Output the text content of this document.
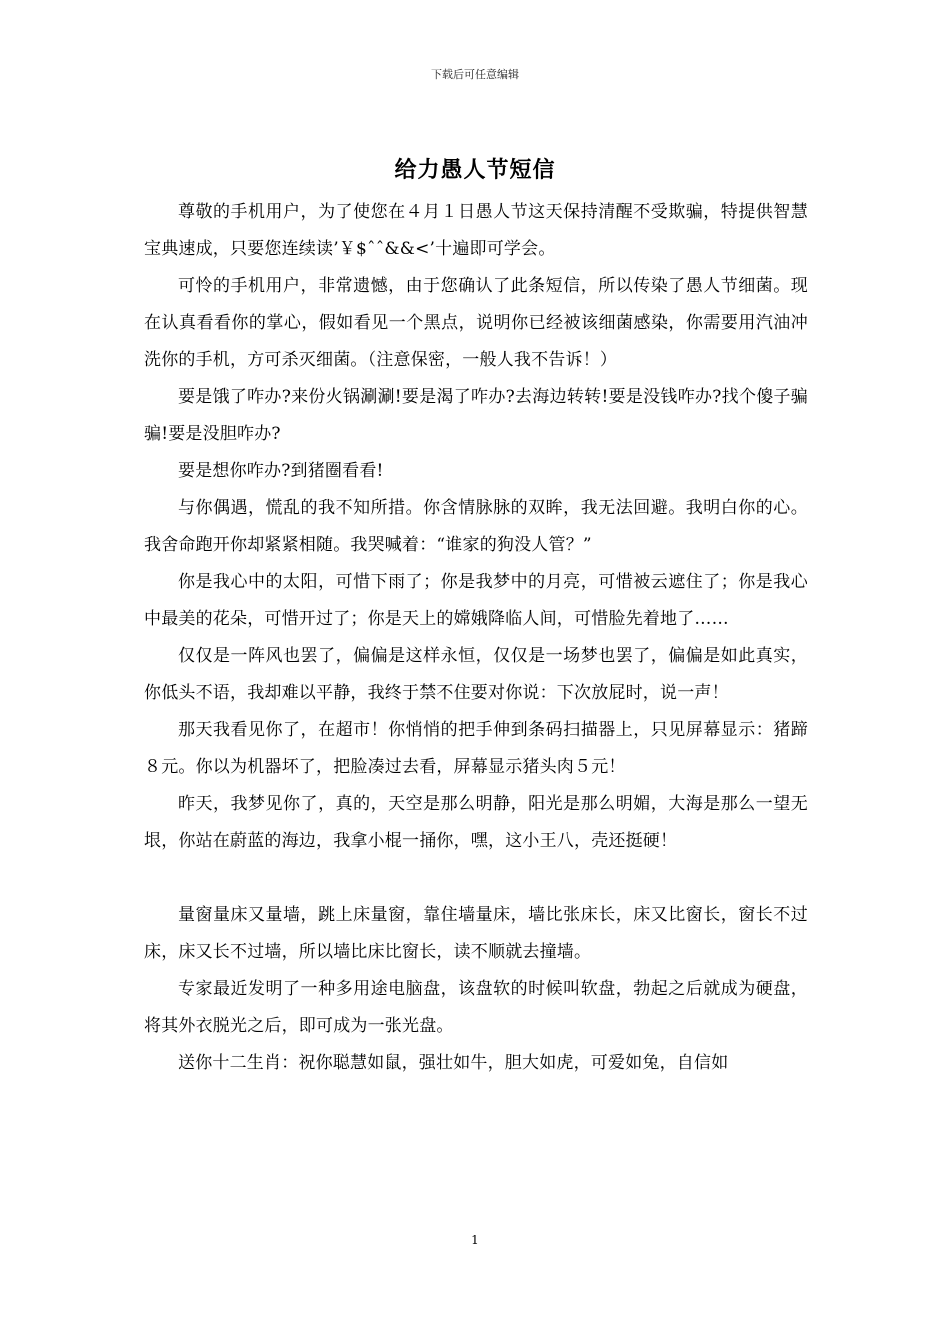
下载后可任意编辑
给力愚人节短信

尊敬的手机用户，为了使您在４月１日愚人节这天保持清醒不受欺骗，特提供智慧宝典速成，只要您连续读’￥$ˆˆ&&<’十遍即可学会。

可怜的手机用户，非常遗憾，由于您确认了此条短信，所以传染了愚人节细菌。现在认真看看你的掌心，假如看见一个黑点，说明你已经被该细菌感染，你需要用汽油冲洗你的手机，方可杀灭细菌。（注意保密，一般人我不告诉！）

要是饿了咋办?来份火锅涮涮!要是渴了咋办?去海边转转!要是没钱咋办?找个傻子骗骗!要是没胆咋办?

要是想你咋办?到猪圈看看!

与你偶遇，慌乱的我不知所措。你含情脉脉的双眸，我无法回避。我明白你的心。我舍命跑开你却紧紧相随。我哭喊着：“谁家的狗没人管？”

你是我心中的太阳，可惜下雨了；你是我梦中的月亮，可惜被云遮住了；你是我心中最美的花朵，可惜开过了；你是天上的嫦娥降临人间，可惜脸先着地了……

仅仅是一阵风也罢了，偏偏是这样永恒，仅仅是一场梦也罢了，偏偏是如此真实，你低头不语，我却难以平静，我终于禁不住要对你说：下次放屁时，说一声！

那天我看见你了，在超市！你悄悄的把手伸到条码扫描器上，只见屏幕显示：猪蹄８元。你以为机器坏了，把脸凑过去看，屏幕显示猪头肉５元！

昨天，我梦见你了，真的，天空是那么明静，阳光是那么明媚，大海是那么一望无垠，你站在蔚蓝的海边，我拿小棍一捅你，嘿，这小王八，壳还挺硬！

量窗量床又量墙，跳上床量窗，靠住墙量床，墙比张床长，床又比窗长，窗长不过床，床又长不过墙，所以墙比床比窗长，读不顺就去撞墙。

专家最近发明了一种多用途电脑盘，该盘软的时候叫软盘，勃起之后就成为硬盘，将其外衣脱光之后，即可成为一张光盘。

送你十二生肖：祝你聪慧如鼠，强壮如牛，胆大如虎，可爱如兔，自信如

1
